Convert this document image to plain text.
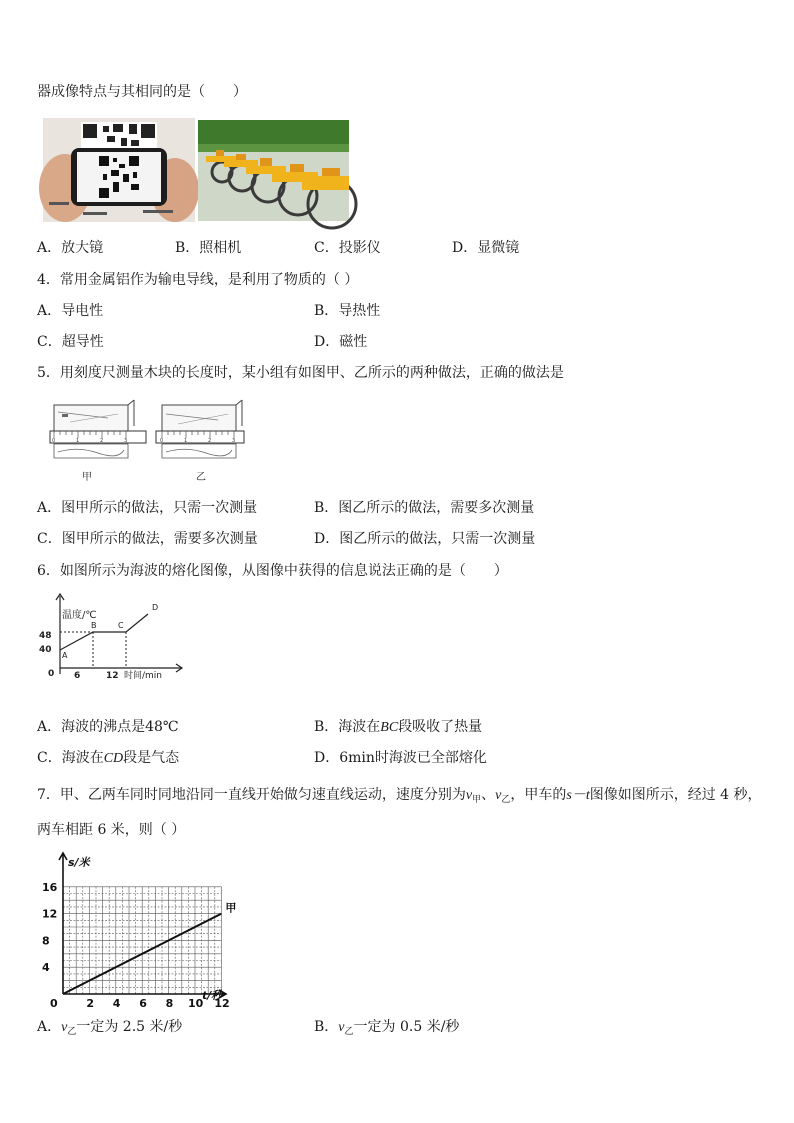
器成像特点与其相同的是（　　）
A．放大镜	B．照相机	C．投影仪	D．显微镜
4．常用金属铝作为输电导线，是利用了物质的（ ）
A．导电性	B．导热性
C．超导性	D．磁性
5．用刻度尺测量木块的长度时，某小组有如图甲、乙所示的两种做法，正确的做法是
0	1	2	3
甲
0	1	2	3
乙
A．图甲所示的做法，只需一次测量	B．图乙所示的做法，需要多次测量
C．图甲所示的做法，需要多次测量	D．图乙所示的做法，只需一次测量
6．如图所示为海波的熔化图像，从图像中获得的信息说法正确的是（　　）
温度/℃
时间/min
48
40
0 6	12
A
B	C
D
A．海波的沸点是48℃	B．海波在BC段吸收了热量
C．海波在CD段是气态	D．6min时海波已全部熔化
7．甲、乙两车同时同地沿同一直线开始做匀速直线运动，速度分别为$v_甲$、$v_乙$，甲车的s－t图像如图所示，经过 4 秒，
两车相距 6 米，则（ ）
s/米
t/秒
16
12
8
4
0	2 4 6 8 10 12
甲
A．$v_乙$一定为 2.5 米/秒	B．$v_乙$一定为 0.5 米/秒
